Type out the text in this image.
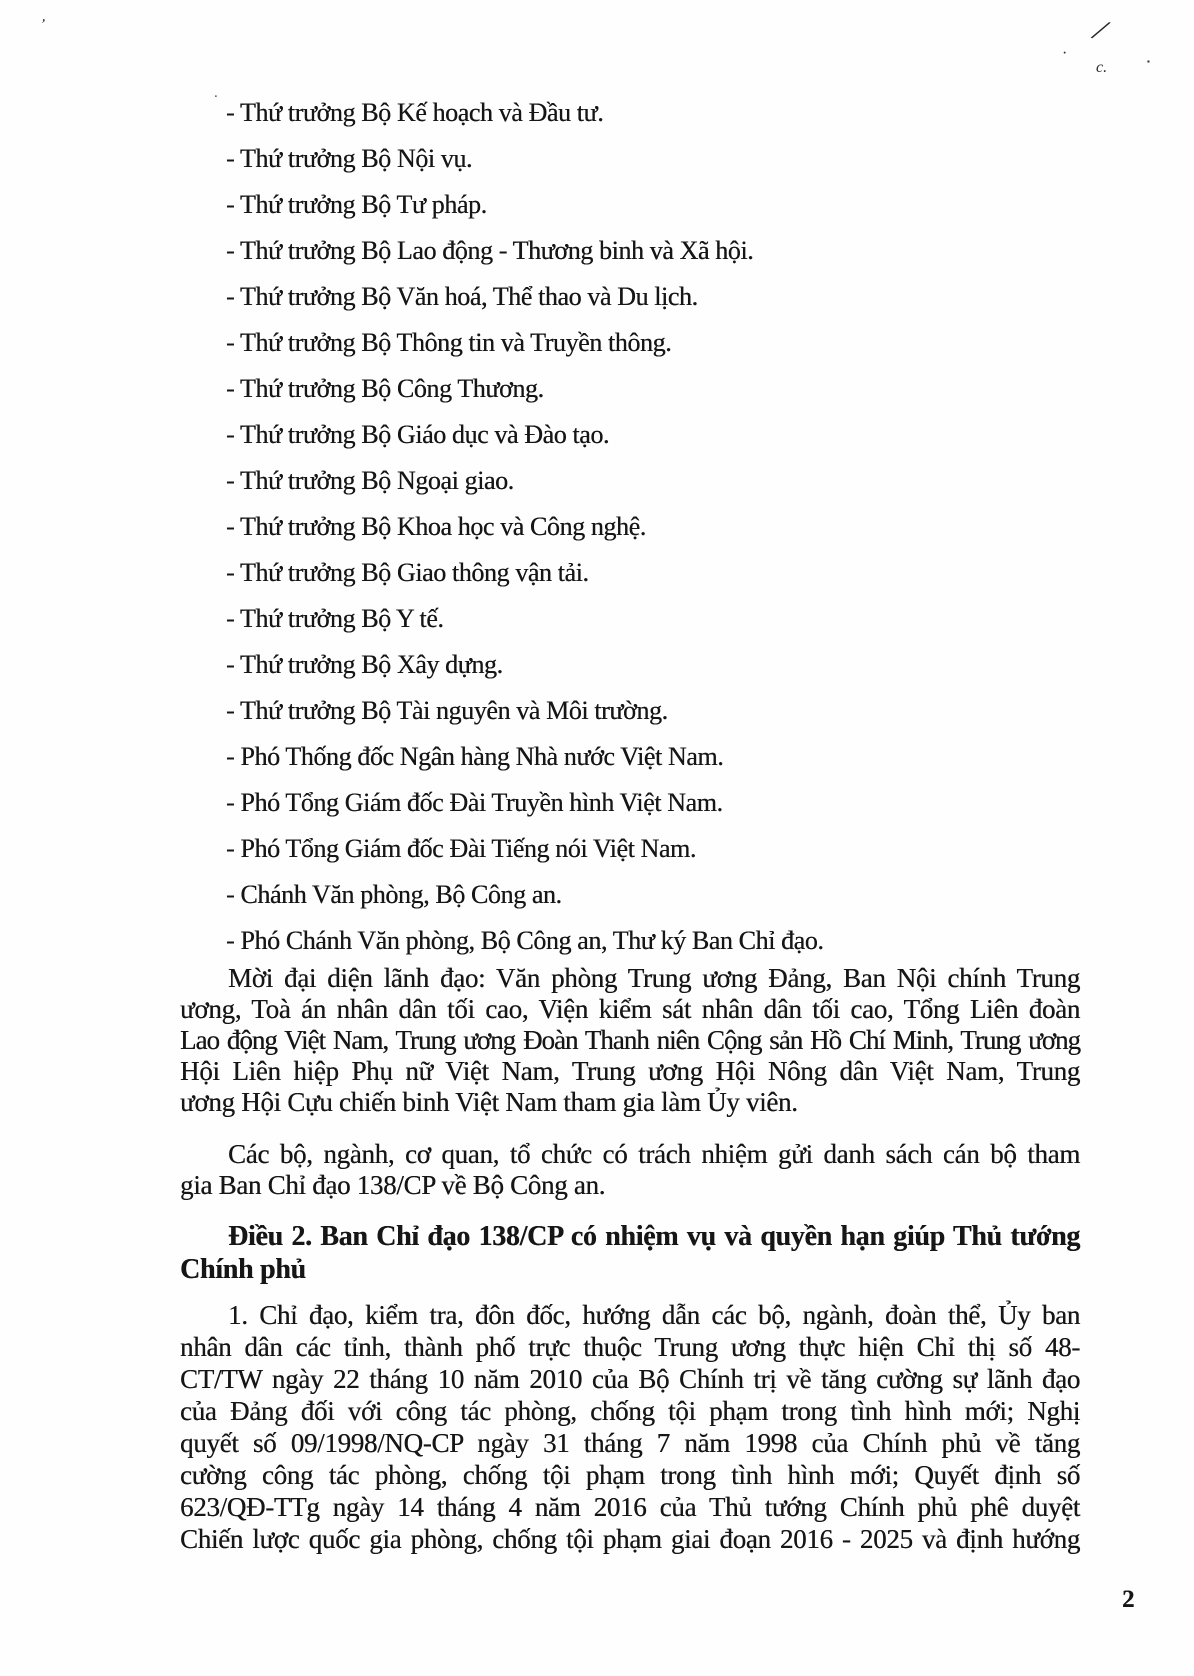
ʼ	∕
·
c.	▪
.
- Thứ trưởng Bộ Kế hoạch và Đầu tư.
- Thứ trưởng Bộ Nội vụ.
- Thứ trưởng Bộ Tư pháp.
- Thứ trưởng Bộ Lao động - Thương binh và Xã hội.
- Thứ trưởng Bộ Văn hoá, Thể thao và Du lịch.
- Thứ trưởng Bộ Thông tin và Truyền thông.
- Thứ trưởng Bộ Công Thương.
- Thứ trưởng Bộ Giáo dục và Đào tạo.
- Thứ trưởng Bộ Ngoại giao.
- Thứ trưởng Bộ Khoa học và Công nghệ.
- Thứ trưởng Bộ Giao thông vận tải.
- Thứ trưởng Bộ Y tế.
- Thứ trưởng Bộ Xây dựng.
- Thứ trưởng Bộ Tài nguyên và Môi trường.
- Phó Thống đốc Ngân hàng Nhà nước Việt Nam.
- Phó Tổng Giám đốc Đài Truyền hình Việt Nam.
- Phó Tổng Giám đốc Đài Tiếng nói Việt Nam.
- Chánh Văn phòng, Bộ Công an.
- Phó Chánh Văn phòng, Bộ Công an, Thư ký Ban Chỉ đạo.
Mời đại diện lãnh đạo: Văn phòng Trung ương Đảng, Ban Nội chính Trung
ương, Toà án nhân dân tối cao, Viện kiểm sát nhân dân tối cao, Tổng Liên đoàn
Lao động Việt Nam, Trung ương Đoàn Thanh niên Cộng sản Hồ Chí Minh, Trung ương
Hội Liên hiệp Phụ nữ Việt Nam, Trung ương Hội Nông dân Việt Nam, Trung
ương Hội Cựu chiến binh Việt Nam tham gia làm Ủy viên.
Các bộ, ngành, cơ quan, tổ chức có trách nhiệm gửi danh sách cán bộ tham
gia Ban Chỉ đạo 138/CP về Bộ Công an.
Điều 2. Ban Chỉ đạo 138/CP có nhiệm vụ và quyền hạn giúp Thủ tướng
Chính phủ
1. Chỉ đạo, kiểm tra, đôn đốc, hướng dẫn các bộ, ngành, đoàn thể, Ủy ban
nhân dân các tỉnh, thành phố trực thuộc Trung ương thực hiện Chỉ thị số 48-
CT/TW ngày 22 tháng 10 năm 2010 của Bộ Chính trị về tăng cường sự lãnh đạo
của Đảng đối với công tác phòng, chống tội phạm trong tình hình mới; Nghị
quyết số 09/1998/NQ-CP ngày 31 tháng 7 năm 1998 của Chính phủ về tăng
cường công tác phòng, chống tội phạm trong tình hình mới; Quyết định số
623/QĐ-TTg ngày 14 tháng 4 năm 2016 của Thủ tướng Chính phủ phê duyệt
Chiến lược quốc gia phòng, chống tội phạm giai đoạn 2016 - 2025 và định hướng
2
